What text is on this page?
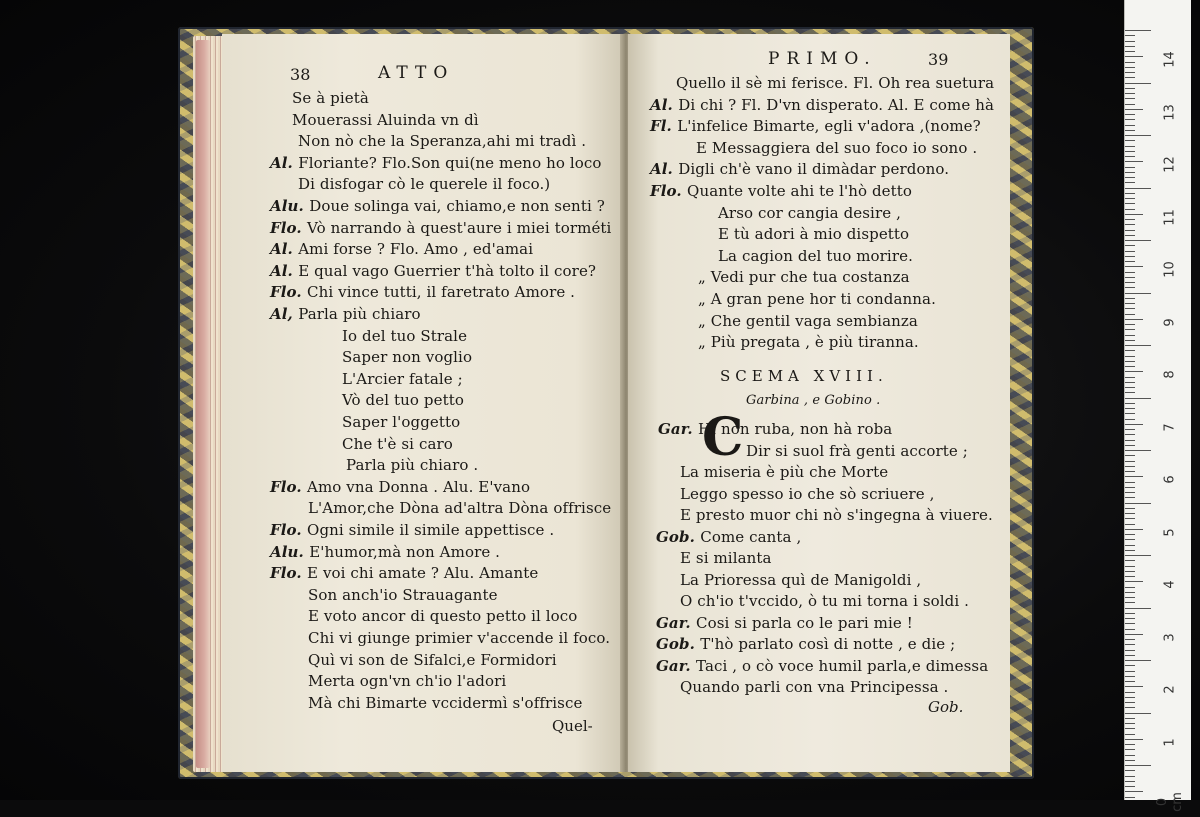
38	ATTO
Se à pietà
Mouerassi Aluinda vn dì
Non nò che la Speranza,ahi mi tradì .
Al. Floriante? Flo.Son qui(ne meno ho loco
Di disfogar cò le querele il foco.)
Alu. Doue solinga vai, chiamo,e non senti ?
Flo. Vò narrando à quest'aure i miei torméti
Al. Ami forse ? Flo. Amo , ed'amai
Al. E qual vago Guerrier t'hà tolto il core?
Flo. Chi vince tutti, il faretrato Amore .
Al, Parla più chiaro
Io del tuo Strale
Saper non voglio
L'Arcier fatale ;
Vò del tuo petto
Saper l'oggetto
Che t'è si caro
Parla più chiaro .
Flo. Amo vna Donna . Alu. E'vano
L'Amor,che Dòna ad'altra Dòna offrisce
Flo. Ogni simile il simile appettisce .
Alu. E'humor,mà non Amore .
Flo. E voi chi amate ? Alu. Amante
Son anch'io Strauagante
E voto ancor di questo petto il loco
Chi vi giunge primier v'accende il foco.
Quì vi son de Sifalci,e Formidori
Merta ogn'vn ch'io l'adori
Mà chi Bimarte vccidermì s'offrisce
Quel-
PRIMO.	39
Quello il sè mi ferisce. Fl. Oh rea suetura
Al. Di chi ? Fl. D'vn disperato. Al. E come hà
Fl. L'infelice Bimarte, egli v'adora ,(nome?
E Messaggiera del suo foco io sono .
Al. Digli ch'è vano il dimàdar perdono.
Flo. Quante volte ahi te l'hò detto
Arso cor cangia desire ,
E tù adori à mio dispetto
La cagion del tuo morire.
„ Vedi pur che tua costanza
„ A gran pene hor ti condanna.
„ Che gentil vaga sembianza
„ Più pregata , è più tiranna.
SCEMA XVIII.
Garbina , e Gobino .
C
Gar. Hi non ruba, non hà roba
Dir si suol frà genti accorte ;
La miseria è più che Morte
Leggo spesso io che sò scriuere ,
E presto muor chi nò s'ingegna à viuere.
Gob. Come canta ,
E si milanta
La Prioressa quì de Manigoldi ,
O ch'io t'vccido, ò tu mi torna i soldi .
Gar. Cosi si parla co le pari mie !
Gob. T'hò parlato così di notte , e die ;
Gar. Taci , o cò voce humil parla,e dimessa
Quando parli con vna Principessa .
Gob.
14
13
12
11
10
9
8
7
6
5
4
3
2
1
0 cm
